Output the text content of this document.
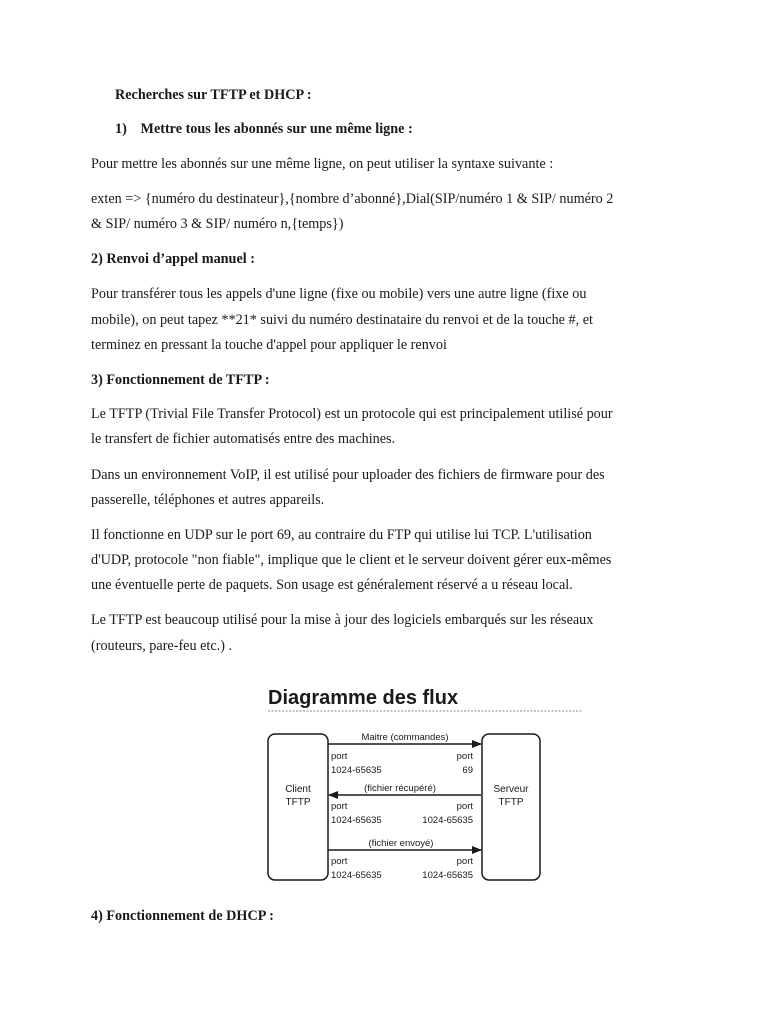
Recherches sur TFTP et DHCP :
1) Mettre tous les abonnés sur une même ligne :
Pour mettre les abonnés sur une même ligne, on peut utiliser la syntaxe suivante :
exten => {numéro du destinateur},{nombre d’abonné},Dial(SIP/numéro 1 & SIP/ numéro 2
& SIP/ numéro 3 & SIP/ numéro n,{temps})
2) Renvoi d’appel manuel :
Pour transférer tous les appels d'une ligne (fixe ou mobile) vers une autre ligne (fixe ou
mobile), on peut tapez **21* suivi du numéro destinataire du renvoi et de la touche #, et
terminez en pressant la touche d'appel pour appliquer le renvoi
3) Fonctionnement de TFTP :
Le TFTP (Trivial File Transfer Protocol) est un protocole qui est principalement utilisé pour
le transfert de fichier automatisés entre des machines.
Dans un environnement VoIP, il est utilisé pour uploader des fichiers de firmware pour des
passerelle, téléphones et autres appareils.
Il fonctionne en UDP sur le port 69, au contraire du FTP qui utilise lui TCP. L'utilisation
d'UDP, protocole "non fiable", implique que le client et le serveur doivent gérer eux-mêmes
une éventuelle perte de paquets. Son usage est généralement réservé a u réseau local.
Le TFTP est beaucoup utilisé pour la mise à jour des logiciels embarqués sur les réseaux
(routeurs, pare-feu etc.) .
Diagramme des flux
Client
TFTP
Serveur
TFTP
Maitre (commandes)
port
1024-65635
port
69
(fichier récupéré)
port
1024-65635
port
1024-65635
(fichier envoyé)
port
1024-65635
port
1024-65635
4) Fonctionnement de DHCP :
